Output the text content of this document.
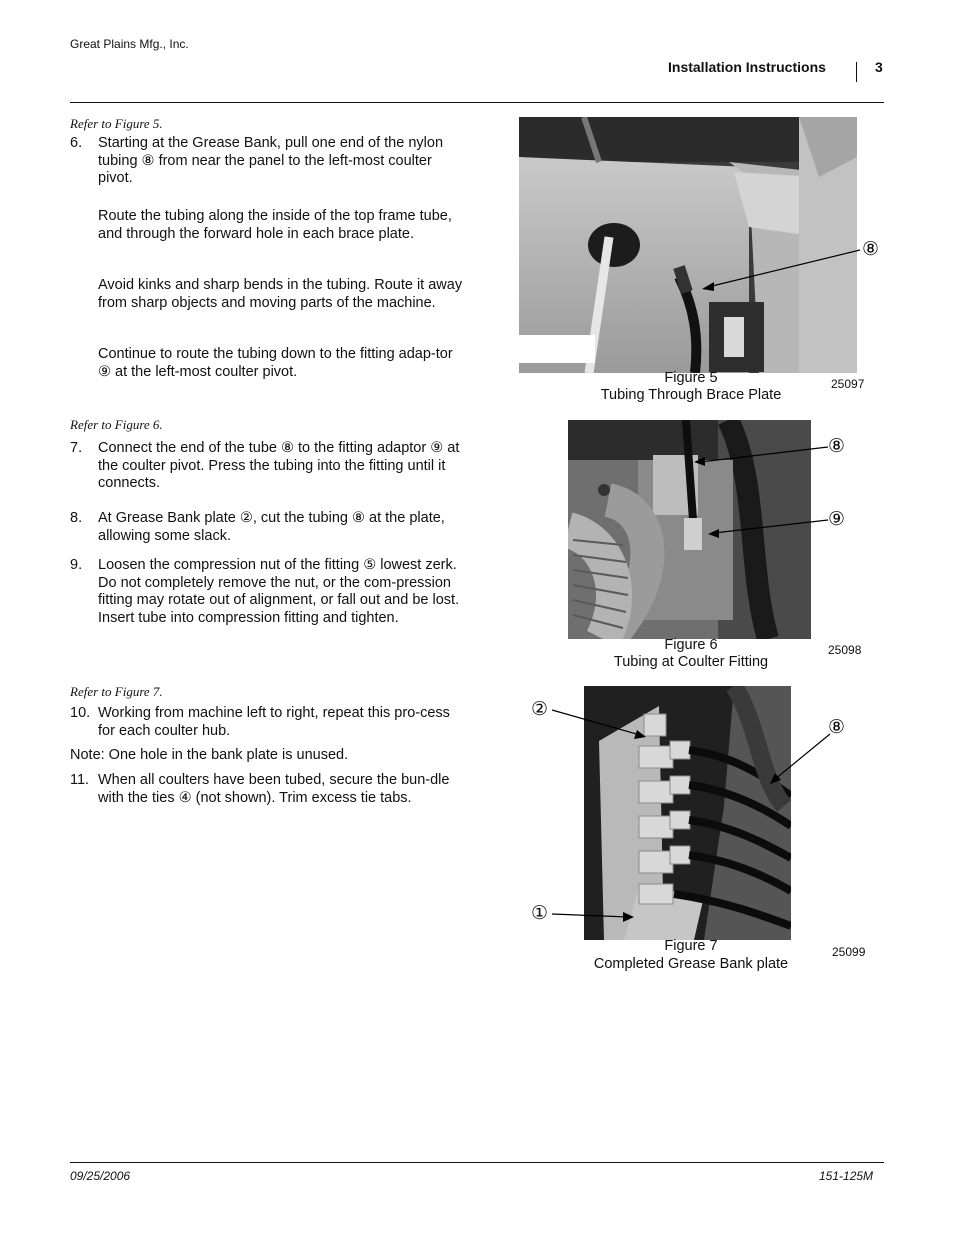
Great Plains Mfg., Inc.
Installation Instructions	3
Refer to Figure 5.
6. Starting at the Grease Bank, pull one end of the nylon tubing ⑧ from near the panel to the left-most coulter pivot.
Route the tubing along the inside of the top frame tube, and through the forward hole in each brace plate.
Avoid kinks and sharp bends in the tubing. Route it away from sharp objects and moving parts of the machine.
Continue to route the tubing down to the fitting adap-tor ⑨ at the left-most coulter pivot.
Refer to Figure 6.
7. Connect the end of the tube ⑧ to the fitting adaptor ⑨ at the coulter pivot. Press the tubing into the fitting until it connects.
8. At Grease Bank plate ②, cut the tubing ⑧ at the plate, allowing some slack.
9. Loosen the compression nut of the fitting ⑤ lowest zerk. Do not completely remove the nut, or the com-pression fitting may rotate out of alignment, or fall out and be lost. Insert tube into compression fitting and tighten.
Refer to Figure 7.
10. Working from machine left to right, repeat this pro-cess for each coulter hub.
Note: One hole in the bank plate is unused.
11. When all coulters have been tubed, secure the bun-dle with the ties ④ (not shown). Trim excess tie tabs.
⑧
Figure 5
Tubing Through Brace Plate
25097
⑧
⑨
Figure 6
Tubing at Coulter Fitting
25098
②
⑧
①
Figure 7
Completed Grease Bank plate
25099
09/25/2006	151-125M
